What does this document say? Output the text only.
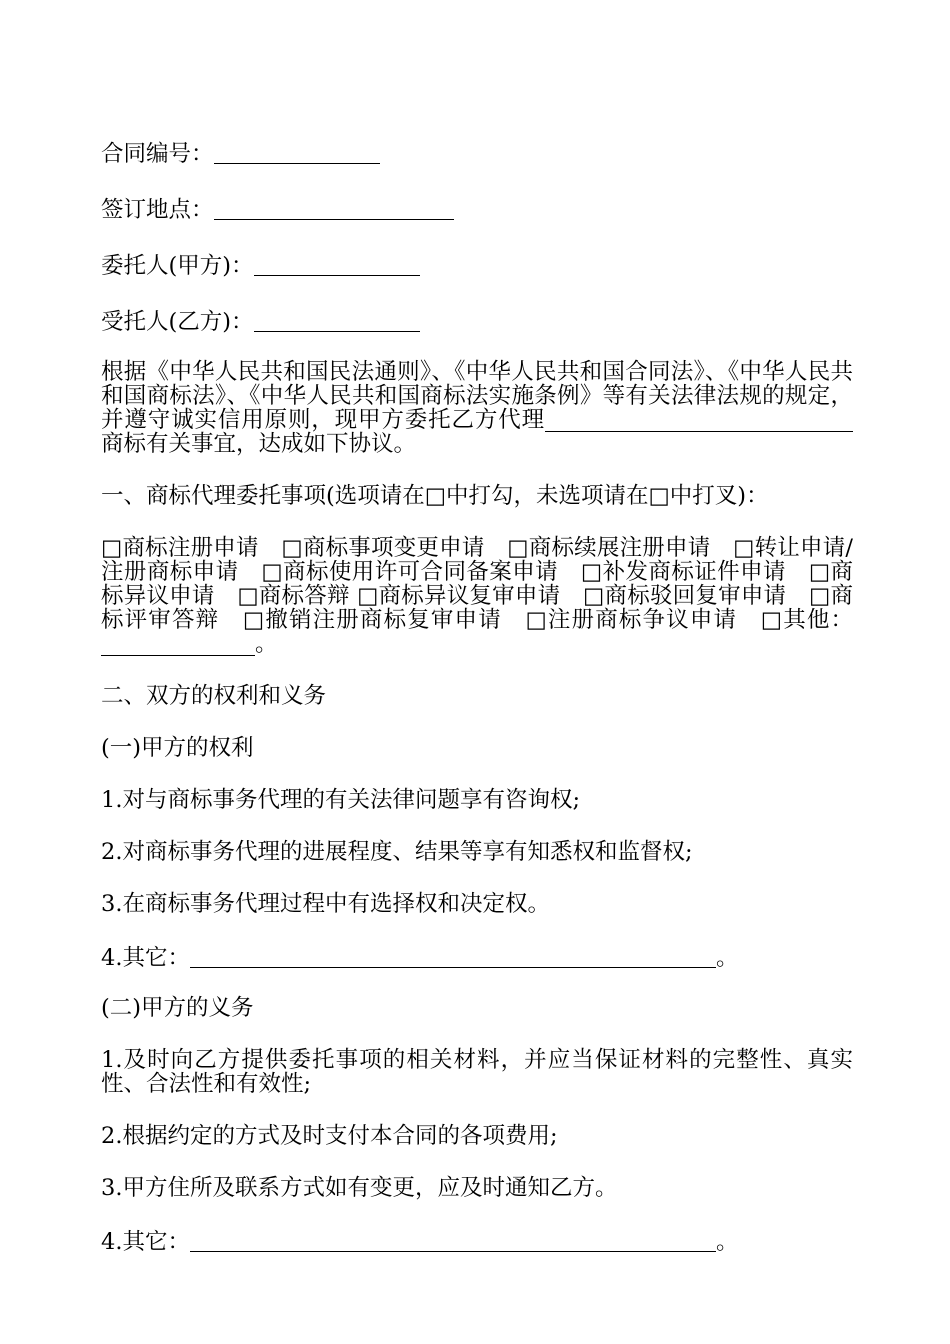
合同编号：
签订地点：
委托人(甲方)：
受托人(乙方)：

根据《中华人民共和国民法通则》、《中华人民共和国合同法》、《中华人民共和国商标法》、《中华人民共和国商标法实施条例》等有关法律法规的规定，并遵守诚实信用原则，现甲方委托乙方代理商标有关事宜，达成如下协议。

一、商标代理委托事项(选项请在□中打勾，未选项请在□中打叉)：

□商标注册申请　□商标事项变更申请　□商标续展注册申请　□转让申请/注册商标申请　□商标使用许可合同备案申请　□补发商标证件申请　□商标异议申请　□商标答辩 □商标异议复审申请　□商标驳回复审申请　□商标评审答辩　□撤销注册商标复审申请　□注册商标争议申请　□其他：。

二、双方的权利和义务

(一)甲方的权利

1.对与商标事务代理的有关法律问题享有咨询权;

2.对商标事务代理的进展程度、结果等享有知悉权和监督权;

3.在商标事务代理过程中有选择权和决定权。

4.其它：	。

(二)甲方的义务

1.及时向乙方提供委托事项的相关材料，并应当保证材料的完整性、真实性、合法性和有效性;

2.根据约定的方式及时支付本合同的各项费用;

3.甲方住所及联系方式如有变更，应及时通知乙方。

4.其它：	。
